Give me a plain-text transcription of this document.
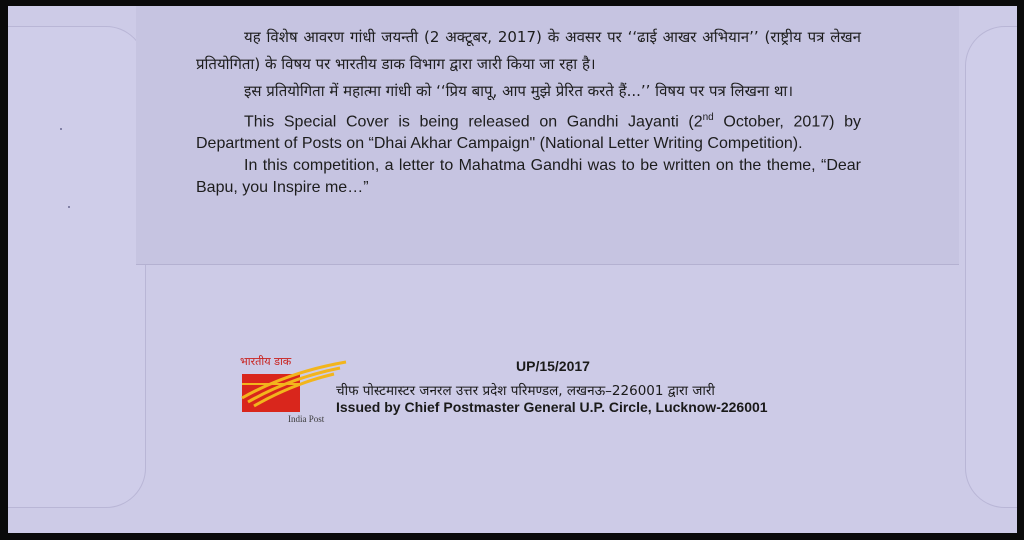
यह विशेष आवरण गांधी जयन्ती (2 अक्टूबर, 2017) के अवसर पर ‘‘ढाई आखर अभियान’’ (राष्ट्रीय पत्र लेखन प्रतियोगिता) के विषय पर भारतीय डाक विभाग द्वारा जारी किया जा रहा है।

इस प्रतियोगिता में महात्मा गांधी को ‘‘प्रिय बापू, आप मुझे प्रेरित करते हैं...’’ विषय पर पत्र लिखना था।

This Special Cover is being released on Gandhi Jayanti (2nd October, 2017) by Department of Posts on “Dhai Akhar Campaign" (National Letter Writing Competition).

In this competition, a letter to Mahatma Gandhi was to be written on the theme, “Dear Bapu, you Inspire me…”

भारतीय डाक
India Post
UP/15/2017
चीफ पोस्टमास्टर जनरल उत्तर प्रदेश परिमण्डल, लखनऊ–226001 द्वारा जारी
Issued by Chief Postmaster General U.P. Circle, Lucknow-226001
